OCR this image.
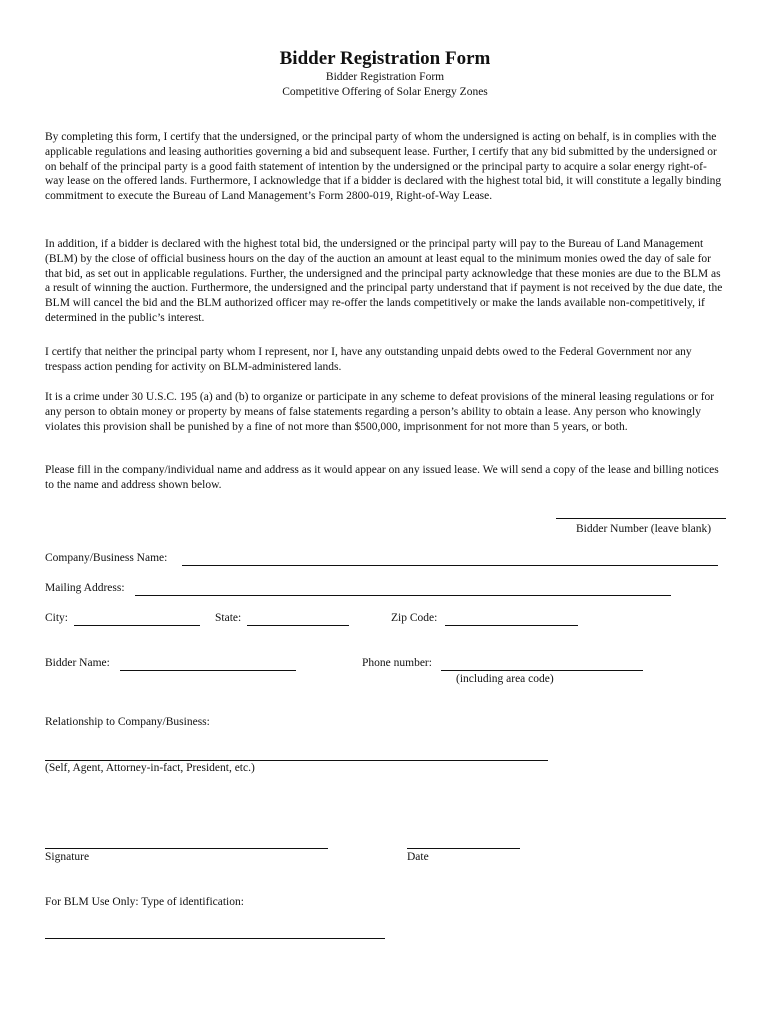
Bidder Registration Form
Bidder Registration Form
Competitive Offering of Solar Energy Zones
By completing this form, I certify that the undersigned, or the principal party of whom the undersigned is acting on behalf, is in complies with the applicable regulations and leasing authorities governing a bid and subsequent lease. Further, I certify that any bid submitted by the undersigned or on behalf of the principal party is a good faith statement of intention by the undersigned or the principal party to acquire a solar energy right-of-way lease on the offered lands. Furthermore, I acknowledge that if a bidder is declared with the highest total bid, it will constitute a legally binding commitment to execute the Bureau of Land Management’s Form 2800-019, Right-of-Way Lease.
In addition, if a bidder is declared with the highest total bid, the undersigned or the principal party will pay to the Bureau of Land Management (BLM) by the close of official business hours on the day of the auction an amount at least equal to the minimum monies owed the day of sale for that bid, as set out in applicable regulations. Further, the undersigned and the principal party acknowledge that these monies are due to the BLM as a result of winning the auction. Furthermore, the undersigned and the principal party understand that if payment is not received by the due date, the BLM will cancel the bid and the BLM authorized officer may re-offer the lands competitively or make the lands available non-competitively, if determined in the public’s interest.
I certify that neither the principal party whom I represent, nor I, have any outstanding unpaid debts owed to the Federal Government nor any trespass action pending for activity on BLM-administered lands.
It is a crime under 30 U.S.C. 195 (a) and (b) to organize or participate in any scheme to defeat provisions of the mineral leasing regulations or for any person to obtain money or property by means of false statements regarding a person’s ability to obtain a lease. Any person who knowingly violates this provision shall be punished by a fine of not more than $500,000, imprisonment for not more than 5 years, or both.
Please fill in the company/individual name and address as it would appear on any issued lease. We will send a copy of the lease and billing notices to the name and address shown below.
Bidder Number (leave blank)
Company/Business Name:
Mailing Address:
City:	State:	Zip Code:
Bidder Name:	Phone number:
(including area code)
Relationship to Company/Business:
(Self, Agent, Attorney-in-fact, President, etc.)
Signature	Date
For BLM Use Only: Type of identification:
